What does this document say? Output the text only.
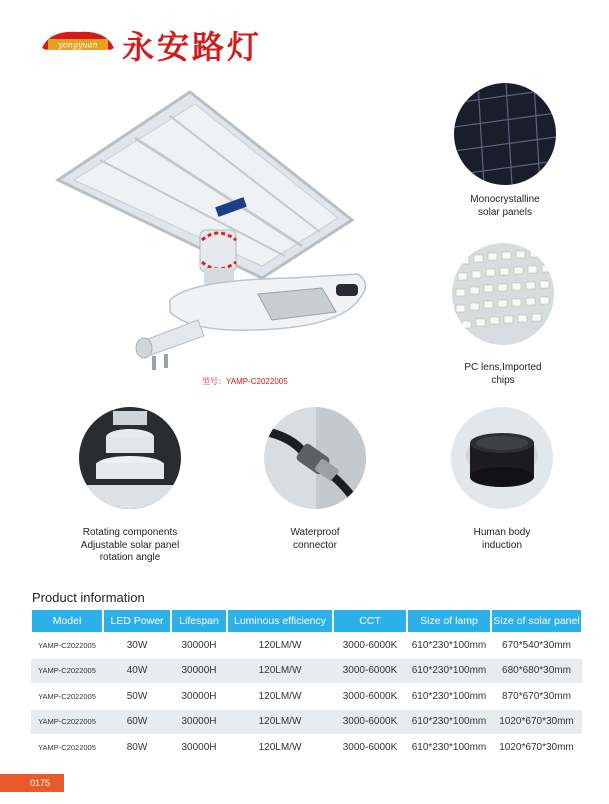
yongyuan 永安路灯
型号：YAMP-C2022005
Monocrystalline
solar panels
PC lens,Imported
chips
Rotating components
Adjustable solar panel
rotation angle
Waterproof
connector
Human body
induction
Product information
Model	LED Power	Lifespan	Luminous efficiency	CCT	Size of lamp	Size of solar panel
YAMP-C2022005	30W	30000H	120LM/W	3000-6000K	610*230*100mm	670*540*30mm
YAMP-C2022005	40W	30000H	120LM/W	3000-6000K	610*230*100mm	680*680*30mm
YAMP-C2022005	50W	30000H	120LM/W	3000-6000K	610*230*100mm	870*670*30mm
YAMP-C2022005	60W	30000H	120LM/W	3000-6000K	610*230*100mm	1020*670*30mm
YAMP-C2022005	80W	30000H	120LM/W	3000-6000K	610*230*100mm	1020*670*30mm
0175
